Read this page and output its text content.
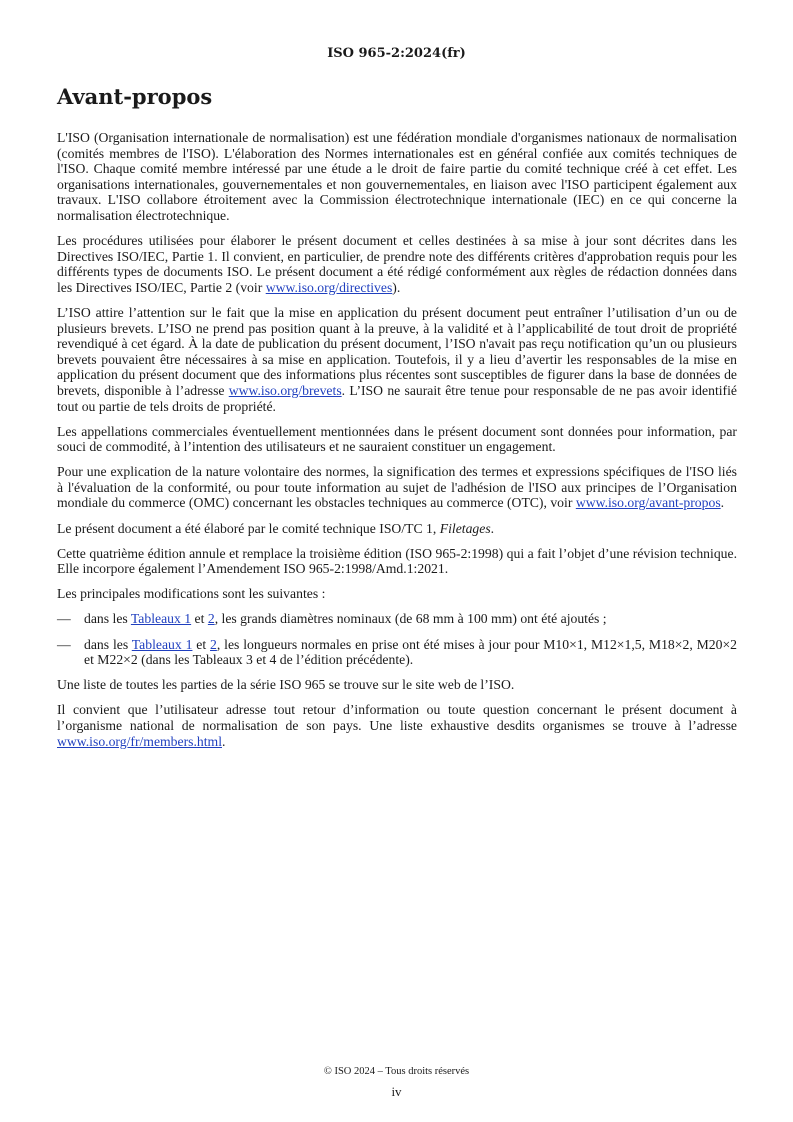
ISO 965-2:2024(fr)
Avant-propos

L'ISO (Organisation internationale de normalisation) est une fédération mondiale d'organismes nationaux de normalisation (comités membres de l'ISO). L'élaboration des Normes internationales est en général confiée aux comités techniques de l'ISO. Chaque comité membre intéressé par une étude a le droit de faire partie du comité technique créé à cet effet. Les organisations internationales, gouvernementales et non gouvernementales, en liaison avec l'ISO participent également aux travaux. L'ISO collabore étroitement avec la Commission électrotechnique internationale (IEC) en ce qui concerne la normalisation électrotechnique.

Les procédures utilisées pour élaborer le présent document et celles destinées à sa mise à jour sont décrites dans les Directives ISO/IEC, Partie 1. Il convient, en particulier, de prendre note des différents critères d'approbation requis pour les différents types de documents ISO. Le présent document a été rédigé conformément aux règles de rédaction données dans les Directives ISO/IEC, Partie 2 (voir www.iso.org/directives).

L’ISO attire l’attention sur le fait que la mise en application du présent document peut entraîner l’utilisation d’un ou de plusieurs brevets. L’ISO ne prend pas position quant à la preuve, à la validité et à l’applicabilité de tout droit de propriété revendiqué à cet égard. À la date de publication du présent document, l’ISO n'avait pas reçu notification qu’un ou plusieurs brevets pouvaient être nécessaires à sa mise en application. Toutefois, il y a lieu d’avertir les responsables de la mise en application du présent document que des informations plus récentes sont susceptibles de figurer dans la base de données de brevets, disponible à l’adresse www.iso.org/brevets. L’ISO ne saurait être tenue pour responsable de ne pas avoir identifié tout ou partie de tels droits de propriété.

Les appellations commerciales éventuellement mentionnées dans le présent document sont données pour information, par souci de commodité, à l’intention des utilisateurs et ne sauraient constituer un engagement.

Pour une explication de la nature volontaire des normes, la signification des termes et expressions spécifiques de l'ISO liés à l'évaluation de la conformité, ou pour toute information au sujet de l'adhésion de l'ISO aux principes de l’Organisation mondiale du commerce (OMC) concernant les obstacles techniques au commerce (OTC), voir www.iso.org/avant-propos.

Le présent document a été élaboré par le comité technique ISO/TC 1, Filetages.

Cette quatrième édition annule et remplace la troisième édition (ISO 965-2:1998) qui a fait l’objet d’une révision technique. Elle incorpore également l’Amendement ISO 965-2:1998/Amd.1:2021.

Les principales modifications sont les suivantes :

— dans les Tableaux 1 et 2, les grands diamètres nominaux (de 68 mm à 100 mm) ont été ajoutés ;
— dans les Tableaux 1 et 2, les longueurs normales en prise ont été mises à jour pour M10×1, M12×1,5, M18×2, M20×2 et M22×2 (dans les Tableaux 3 et 4 de l’édition précédente).

Une liste de toutes les parties de la série ISO 965 se trouve sur le site web de l’ISO.

Il convient que l’utilisateur adresse tout retour d’information ou toute question concernant le présent document à l’organisme national de normalisation de son pays. Une liste exhaustive desdits organismes se trouve à l’adresse www.iso.org/fr/members.html.

© ISO 2024 – Tous droits réservés
iv
